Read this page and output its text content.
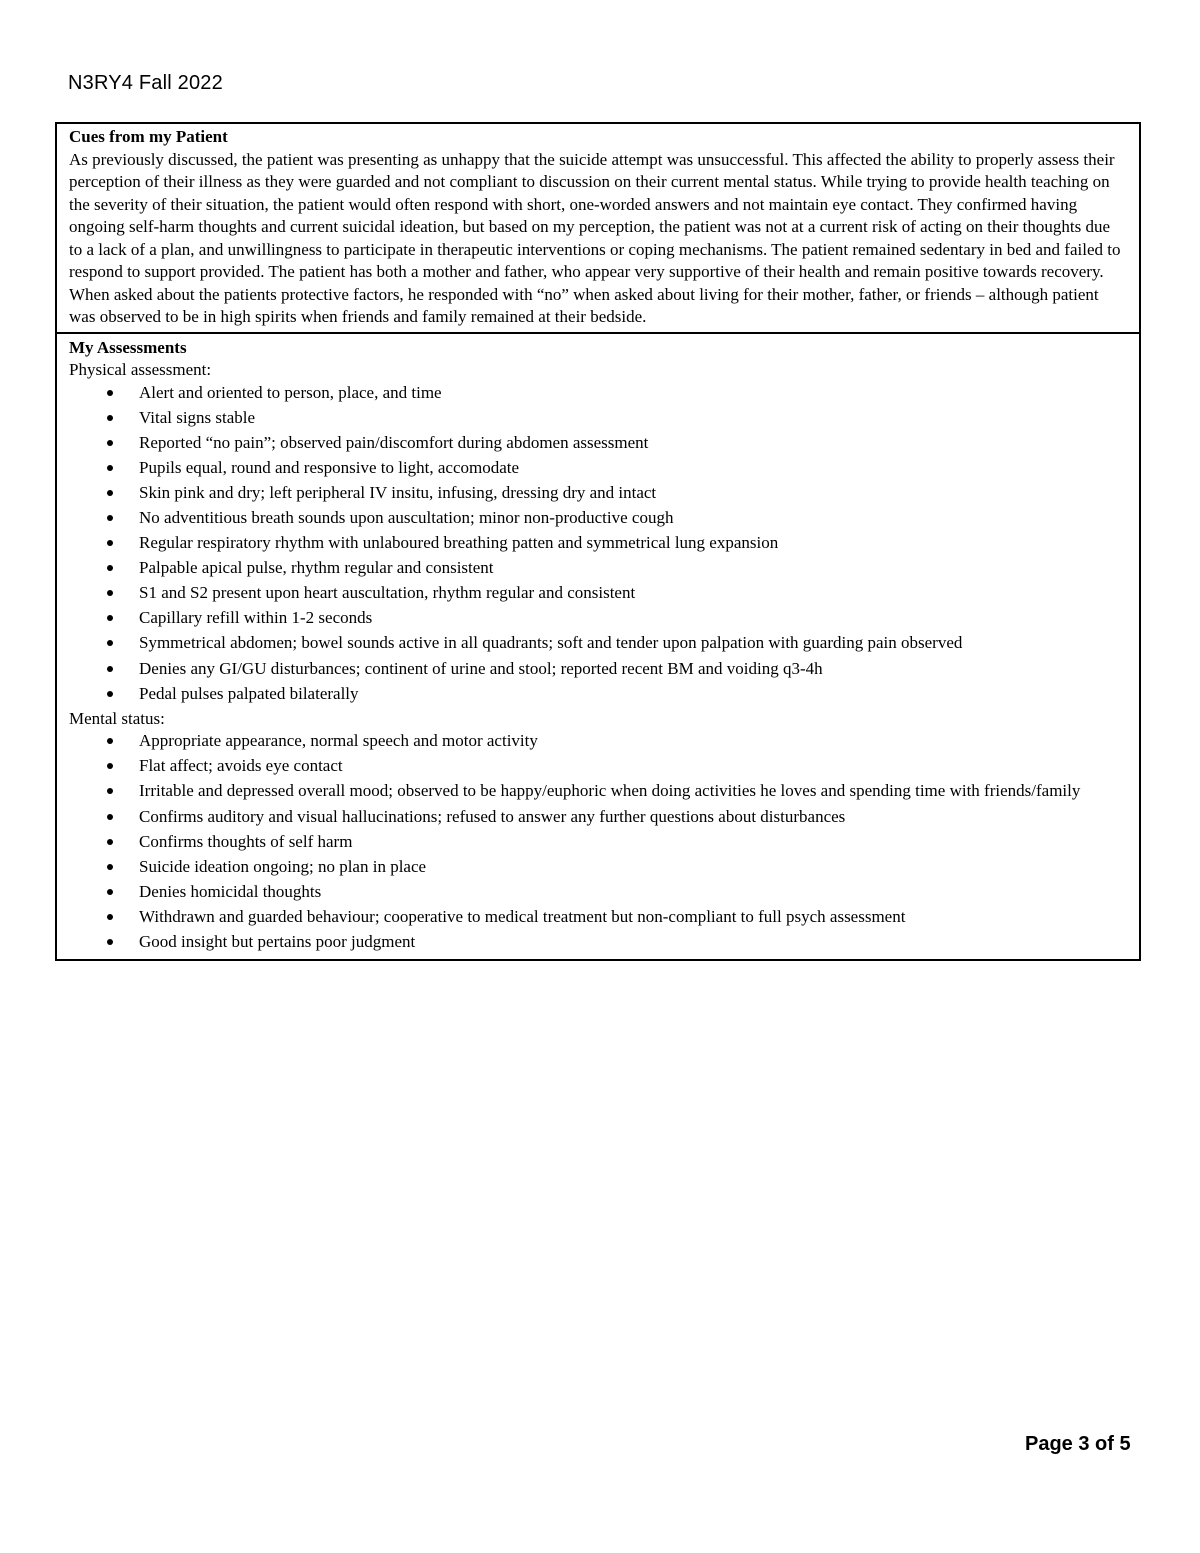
N3RY4 Fall 2022
Cues from my Patient

As previously discussed, the patient was presenting as unhappy that the suicide attempt was unsuccessful. This affected the ability to properly assess their perception of their illness as they were guarded and not compliant to discussion on their current mental status. While trying to provide health teaching on the severity of their situation, the patient would often respond with short, one-worded answers and not maintain eye contact. They confirmed having ongoing self-harm thoughts and current suicidal ideation, but based on my perception, the patient was not at a current risk of acting on their thoughts due to a lack of a plan, and unwillingness to participate in therapeutic interventions or coping mechanisms. The patient remained sedentary in bed and failed to respond to support provided. The patient has both a mother and father, who appear very supportive of their health and remain positive towards recovery. When asked about the patients protective factors, he responded with “no” when asked about living for their mother, father, or friends – although patient was observed to be in high spirits when friends and family remained at their bedside.

My Assessments
Physical assessment:
Alert and oriented to person, place, and time
Vital signs stable
Reported “no pain”; observed pain/discomfort during abdomen assessment
Pupils equal, round and responsive to light, accomodate
Skin pink and dry; left peripheral IV insitu, infusing, dressing dry and intact
No adventitious breath sounds upon auscultation; minor non-productive cough
Regular respiratory rhythm with unlaboured breathing patten and symmetrical lung expansion
Palpable apical pulse, rhythm regular and consistent
S1 and S2 present upon heart auscultation, rhythm regular and consistent
Capillary refill within 1-2 seconds
Symmetrical abdomen; bowel sounds active in all quadrants; soft and tender upon palpation with guarding pain observed
Denies any GI/GU disturbances; continent of urine and stool; reported recent BM and voiding q3-4h
Pedal pulses palpated bilaterally
Mental status:
Appropriate appearance, normal speech and motor activity
Flat affect; avoids eye contact
Irritable and depressed overall mood; observed to be happy/euphoric when doing activities he loves and spending time with friends/family
Confirms auditory and visual hallucinations; refused to answer any further questions about disturbances
Confirms thoughts of self harm
Suicide ideation ongoing; no plan in place
Denies homicidal thoughts
Withdrawn and guarded behaviour; cooperative to medical treatment but non-compliant to full psych assessment
Good insight but pertains poor judgment
Page 3 of 5
